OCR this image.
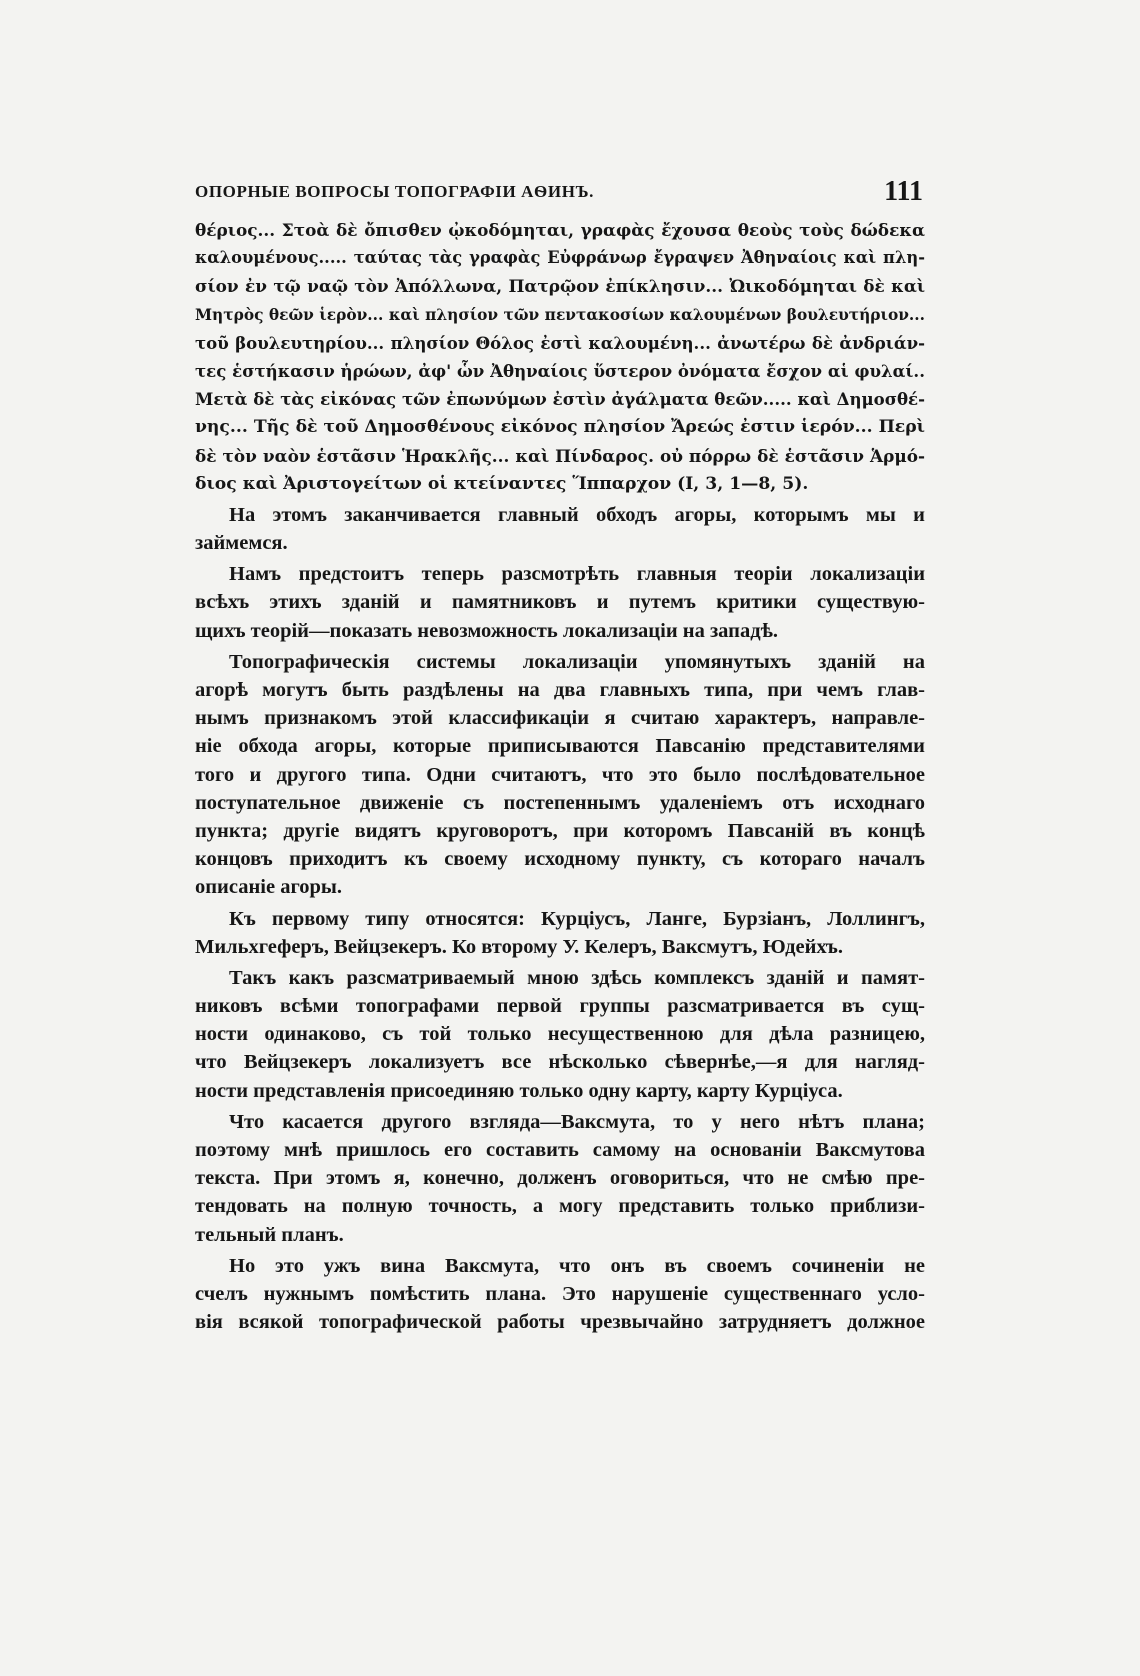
ОПОРНЫЕ ВОПРОСЫ ТОПОГРАФІИ АѲИНЪ.	111
θέριος... Στοὰ δὲ ὄπισθεν ᾠκοδόμηται, γραφὰς ἔχουσα θεοὺς τοὺς δώδεκα
καλουμένους..... ταύτας τὰς γραφὰς Εὐφράνωρ ἔγραψεν Ἀθηναίοις καὶ πλη-
σίον ἐν τῷ ναῷ τὸν Ἀπόλλωνα, Πατρῷον ἐπίκλησιν... Ὠικοδόμηται δὲ καὶ
Μητρὸς θεῶν ἱερὸν... καὶ πλησίον τῶν πεντακοσίων καλουμένων βουλευτήριον...
τοῦ βουλευτηρίου... πλησίον Θόλος ἐστὶ καλουμένη... ἀνωτέρω δὲ ἀνδριάν-
τες ἑστήκασιν ἡρώων, ἀφ' ὧν Ἀθηναίοις ὕστερον ὀνόματα ἔσχον αἱ φυλαί..
Μετὰ δὲ τὰς εἰκόνας τῶν ἐπωνύμων ἐστὶν ἀγάλματα θεῶν..... καὶ Δημοσθέ-
νης... Τῆς δὲ τοῦ Δημοσθένους εἰκόνος πλησίον Ἄρεώς ἐστιν ἱερόν... Περὶ
δὲ τὸν ναὸν ἑστᾶσιν Ἡρακλῆς... καὶ Πίνδαρος. οὐ πόρρω δὲ ἑστᾶσιν Ἁρμό-
διος καὶ Ἀριστογείτων οἱ κτείναντες Ἵππαρχον (I, 3, 1—8, 5).
На этомъ заканчивается главный обходъ агоры, которымъ мы и
займемся.
Намъ предстоитъ теперь разсмотрѣть главныя теоріи локализаціи
всѣхъ этихъ зданій и памятниковъ и путемъ критики существую-
щихъ теорій—показать невозможность локализаціи на западѣ.
Топографическія системы локализаціи упомянутыхъ зданій на
агорѣ могутъ быть раздѣлены на два главныхъ типа, при чемъ глав-
нымъ признакомъ этой классификаціи я считаю характеръ, направле-
ніе обхода агоры, которые приписываются Павсанію представителями
того и другого типа. Одни считаютъ, что это было послѣдовательное
поступательное движеніе съ постепеннымъ удаленіемъ отъ исходнаго
пункта; другіе видятъ круговоротъ, при которомъ Павсаній въ концѣ
концовъ приходитъ къ своему исходному пункту, съ котораго началъ
описаніе агоры.
Къ первому типу относятся: Курціусъ, Ланге, Бурзіанъ, Лоллингъ,
Мильхгеферъ, Вейцзекеръ. Ко второму У. Келеръ, Ваксмутъ, Юдейхъ.
Такъ какъ разсматриваемый мною здѣсь комплексъ зданій и памят-
никовъ всѣми топографами первой группы разсматривается въ сущ-
ности одинаково, съ той только несущественною для дѣла разницею,
что Вейцзекеръ локализуетъ все нѣсколько сѣвернѣе,—я для нагляд-
ности представленія присоединяю только одну карту, карту Курціуса.
Что касается другого взгляда—Ваксмута, то у него нѣтъ плана;
поэтому мнѣ пришлось его составить самому на основаніи Ваксмутова
текста. При этомъ я, конечно, долженъ оговориться, что не смѣю пре-
тендовать на полную точность, а могу представить только приблизи-
тельный планъ.
Но это ужъ вина Ваксмута, что онъ въ своемъ сочиненіи не
счелъ нужнымъ помѣстить плана. Это нарушеніе существеннаго усло-
вія всякой топографической работы чрезвычайно затрудняетъ должное
